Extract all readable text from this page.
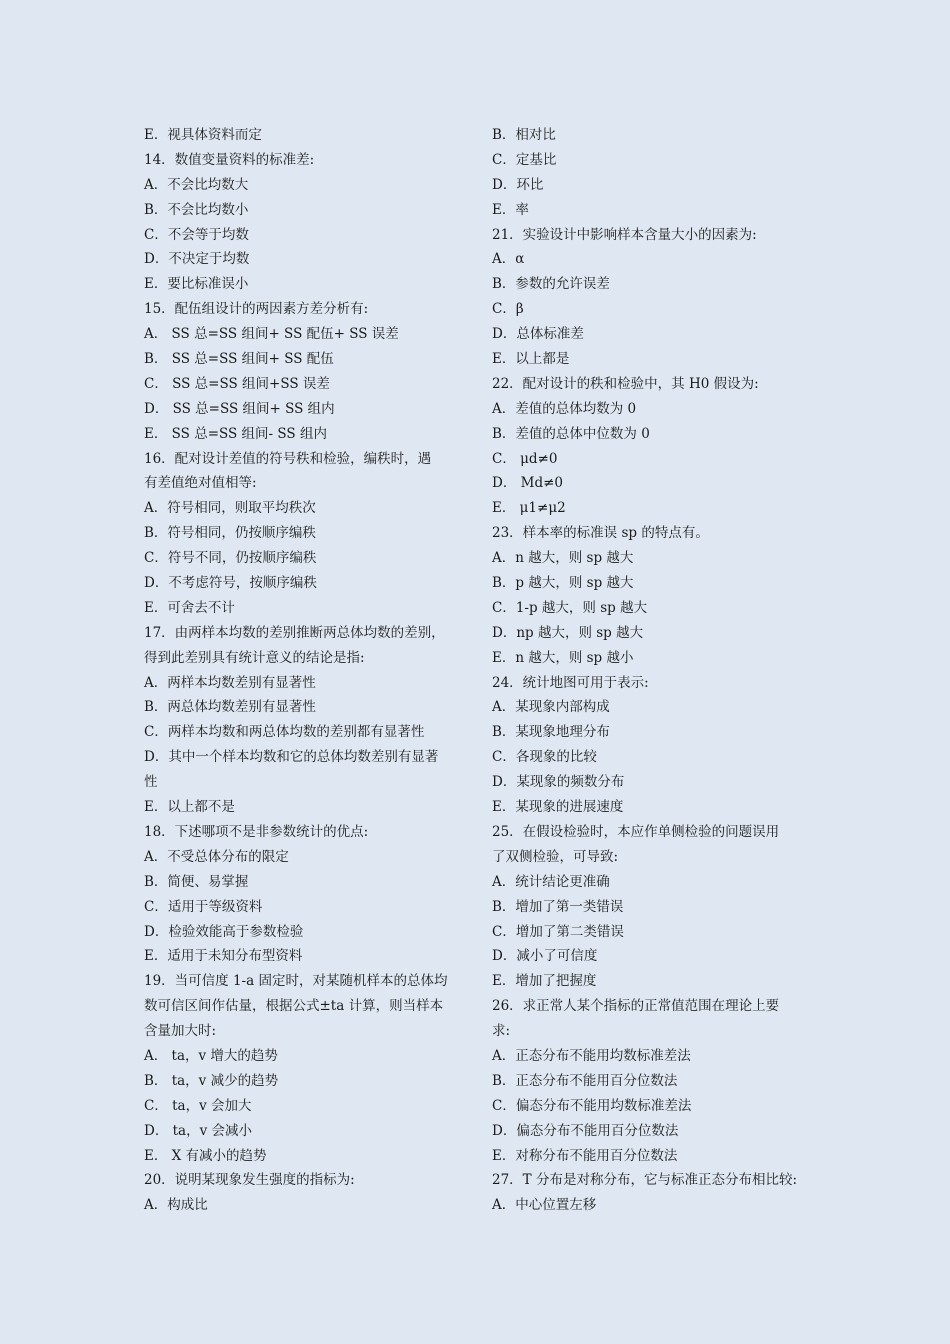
E．视具体资料而定
14．数值变量资料的标准差:
A．不会比均数大
B．不会比均数小
C．不会等于均数
D．不决定于均数
E．要比标准误小
15．配伍组设计的两因素方差分析有:
A． SS 总=SS 组间+ SS 配伍+ SS 误差
B． SS 总=SS 组间+ SS 配伍
C． SS 总=SS 组间+SS 误差
D． SS 总=SS 组间+ SS 组内
E． SS 总=SS 组间- SS 组内
16．配对设计差值的符号秩和检验，编秩时，遇
有差值绝对值相等:
A．符号相同，则取平均秩次
B．符号相同，仍按顺序编秩
C．符号不同，仍按顺序编秩
D．不考虑符号，按顺序编秩
E．可舍去不计
17．由两样本均数的差别推断两总体均数的差别，
得到此差别具有统计意义的结论是指:
A．两样本均数差别有显著性
B．两总体均数差别有显著性
C．两样本均数和两总体均数的差别都有显著性
D．其中一个样本均数和它的总体均数差别有显著
性
E．以上都不是
18．下述哪项不是非参数统计的优点:
A．不受总体分布的限定
B．简便、易掌握
C．适用于等级资料
D．检验效能高于参数检验
E．适用于未知分布型资料
19．当可信度 1-a 固定时，对某随机样本的总体均
数可信区间作估量，根据公式±ta 计算，则当样本
含量加大时:
A． ta，v 增大的趋势
B． ta，v 减少的趋势
C． ta，v 会加大
D． ta，v 会减小
E． X 有减小的趋势
20．说明某现象发生强度的指标为:
A．构成比
B．相对比
C．定基比
D．环比
E．率
21．实验设计中影响样本含量大小的因素为:
A．α
B．参数的允许误差
C．β
D．总体标准差
E．以上都是
22．配对设计的秩和检验中，其 H0 假设为:
A．差值的总体均数为 0
B．差值的总体中位数为 0
C． μd≠0
D． Md≠0
E． μ1≠μ2
23．样本率的标准误 sp 的特点有。
A．n 越大，则 sp 越大
B．p 越大，则 sp 越大
C．1-p 越大，则 sp 越大
D．np 越大，则 sp 越大
E．n 越大，则 sp 越小
24．统计地图可用于表示:
A．某现象内部构成
B．某现象地理分布
C．各现象的比较
D．某现象的频数分布
E．某现象的进展速度
25．在假设检验时，本应作单侧检验的问题误用
了双侧检验，可导致:
A．统计结论更准确
B．增加了第一类错误
C．增加了第二类错误
D．减小了可信度
E．增加了把握度
26．求正常人某个指标的正常值范围在理论上要
求:
A．正态分布不能用均数标准差法
B．正态分布不能用百分位数法
C．偏态分布不能用均数标准差法
D．偏态分布不能用百分位数法
E．对称分布不能用百分位数法
27．T 分布是对称分布，它与标准正态分布相比较:
A．中心位置左移
